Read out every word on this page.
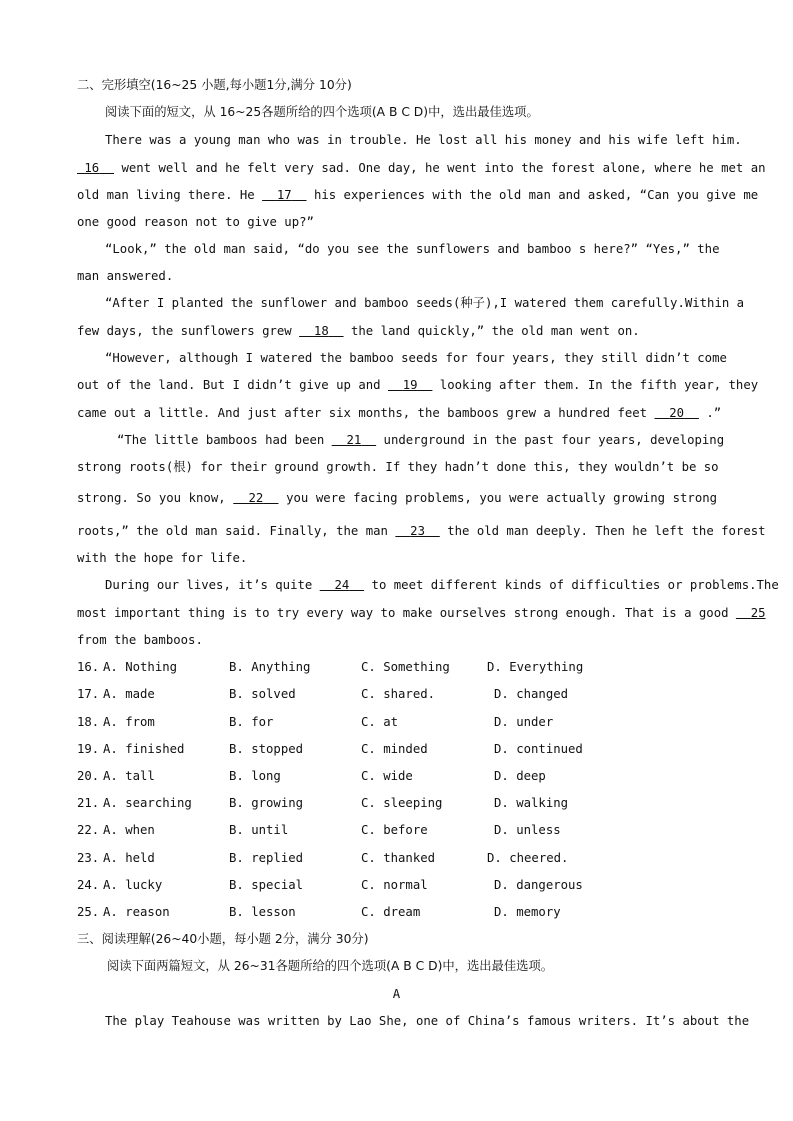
二、完形填空(16~25 小题,每小题1分,满分 10分)
阅读下面的短文，从 16~25各题所给的四个选项(A B C D)中，选出最佳选项。
There was a young man who was in trouble. He lost all his money and his wife left him.
16 went well and he felt very sad. One day, he went into the forest alone, where he met an
old man living there. He 17 his experiences with the old man and asked, “Can you give me
one good reason not to give up?”
“Look,” the old man said, “do you see the sunflowers and bamboo s here?” “Yes,” the
man answered.
“After I planted the sunflower and bamboo seeds(种子),I watered them carefully.Within a
few days, the sunflowers grew 18 the land quickly,” the old man went on.
“However, although I watered the bamboo seeds for four years, they still didn’t come
out of the land. But I didn’t give up and 19 looking after them. In the fifth year, they
came out a little. And just after six months, the bamboos grew a hundred feet 20 .”
“The little bamboos had been 21 underground in the past four years, developing
strong roots(根) for their ground growth. If they hadn’t done this, they wouldn’t be so
strong. So you know, 22 you were facing problems, you were actually growing strong
roots,” the old man said. Finally, the man 23 the old man deeply. Then he left the forest
with the hope for life.
During our lives, it’s quite 24 to meet different kinds of difficulties or problems.The
most important thing is to try every way to make ourselves strong enough. That is a good 25
from the bamboos.
16. A. Nothing	B. Anything	C. Something	D. Everything
17. A. made	B. solved	C. shared.	D. changed
18. A. from	B. for	C. at	D. under
19. A. finished	B. stopped	C. minded	D. continued
20. A. tall	B. long	C. wide	D. deep
21. A. searching	B. growing	C. sleeping	D. walking
22. A. when	B. until	C. before	D. unless
23. A. held	B. replied	C. thanked	D. cheered.
24. A. lucky	B. special	C. normal	D. dangerous
25. A. reason	B. lesson	C. dream	D. memory
三、阅读理解(26~40小题，每小题 2分，满分 30分)
阅读下面两篇短文，从 26~31各题所给的四个选项(A B C D)中，选出最佳选项。
A
The play Teahouse was written by Lao She, one of China’s famous writers. It’s about the
